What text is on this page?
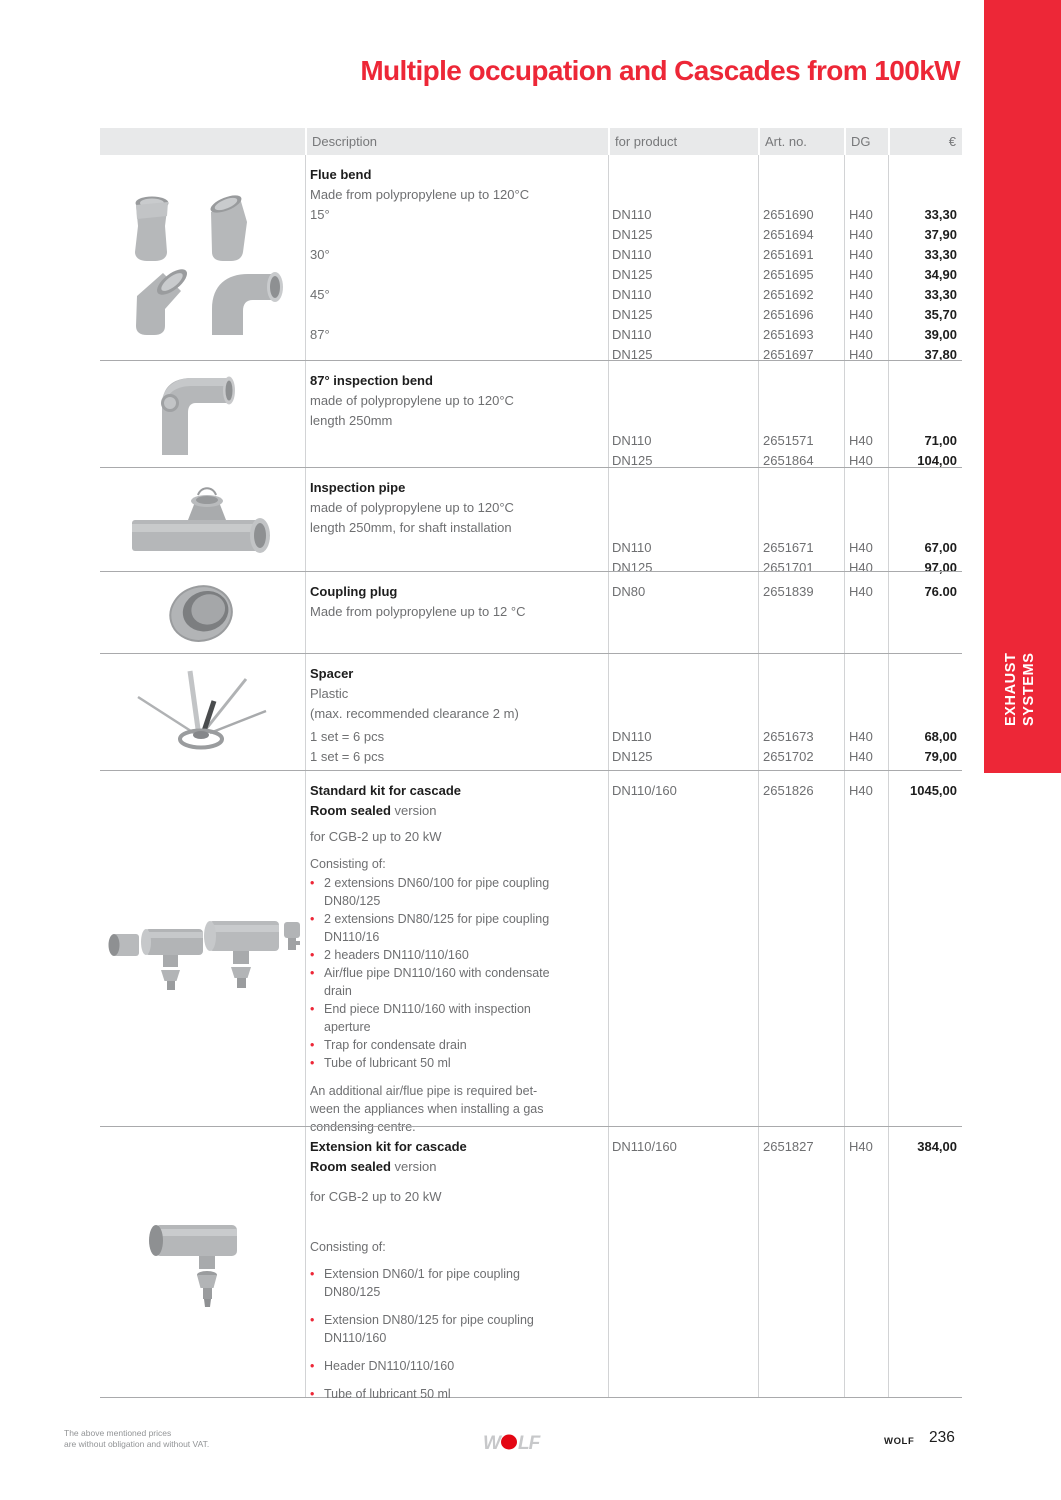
EXHAUST SYSTEMS
Multiple occupation and Cascades from 100kW
Description	for product	Art. no.	DG	€
Flue bend
Made from polypropylene up to 120°C
15°	DN110	2651690	H40	33,30
DN125	2651694	H40	37,90
30°	DN110	2651691	H40	33,30
DN125	2651695	H40	34,90
45°	DN110	2651692	H40	33,30
DN125	2651696	H40	35,70
87°	DN110	2651693	H40	39,00
DN125	2651697	H40	37,80
87° inspection bend
made of polypropylene up to 120°C
length 250mm
DN110	2651571	H40	71,00
DN125	2651864	H40	104,00
Inspection pipe
made of polypropylene up to 120°C
length 250mm, for shaft installation
DN110	2651671	H40	67,00
DN125	2651701	H40	97,00
Coupling plug
Made from polypropylene up to 12 °C
DN80	2651839	H40	76.00
Spacer
Plastic
(max. recommended clearance 2 m)
1 set = 6 pcs	DN110	2651673	H40	68,00
1 set = 6 pcs	DN125	2651702	H40	79,00
Standard kit for cascade
Room sealed version
for CGB-2 up to 20 kW
Consisting of:
• 2 extensions DN60/100 for pipe coupling
DN80/125
• 2 extensions DN80/125 for pipe coupling
DN110/16
• 2 headers DN110/110/160
• Air/flue pipe DN110/160 with condensate
drain
• End piece DN110/160 with inspection
aperture
• Trap for condensate drain
• Tube of lubricant 50 ml
An additional air/flue pipe is required bet-
ween the appliances when installing a gas
condensing centre.
DN110/160	2651826	H40	1045,00
Extension kit for cascade
Room sealed version
for CGB-2 up to 20 kW
Consisting of:
• Extension DN60/1 for pipe coupling
DN80/125
• Extension DN80/125 for pipe coupling
DN110/160
• Header DN110/110/160
• Tube of lubricant 50 ml
DN110/160	2651827	H40	384,00
The above mentioned prices
are without obligation and without VAT.	W LF	WOLF 236
